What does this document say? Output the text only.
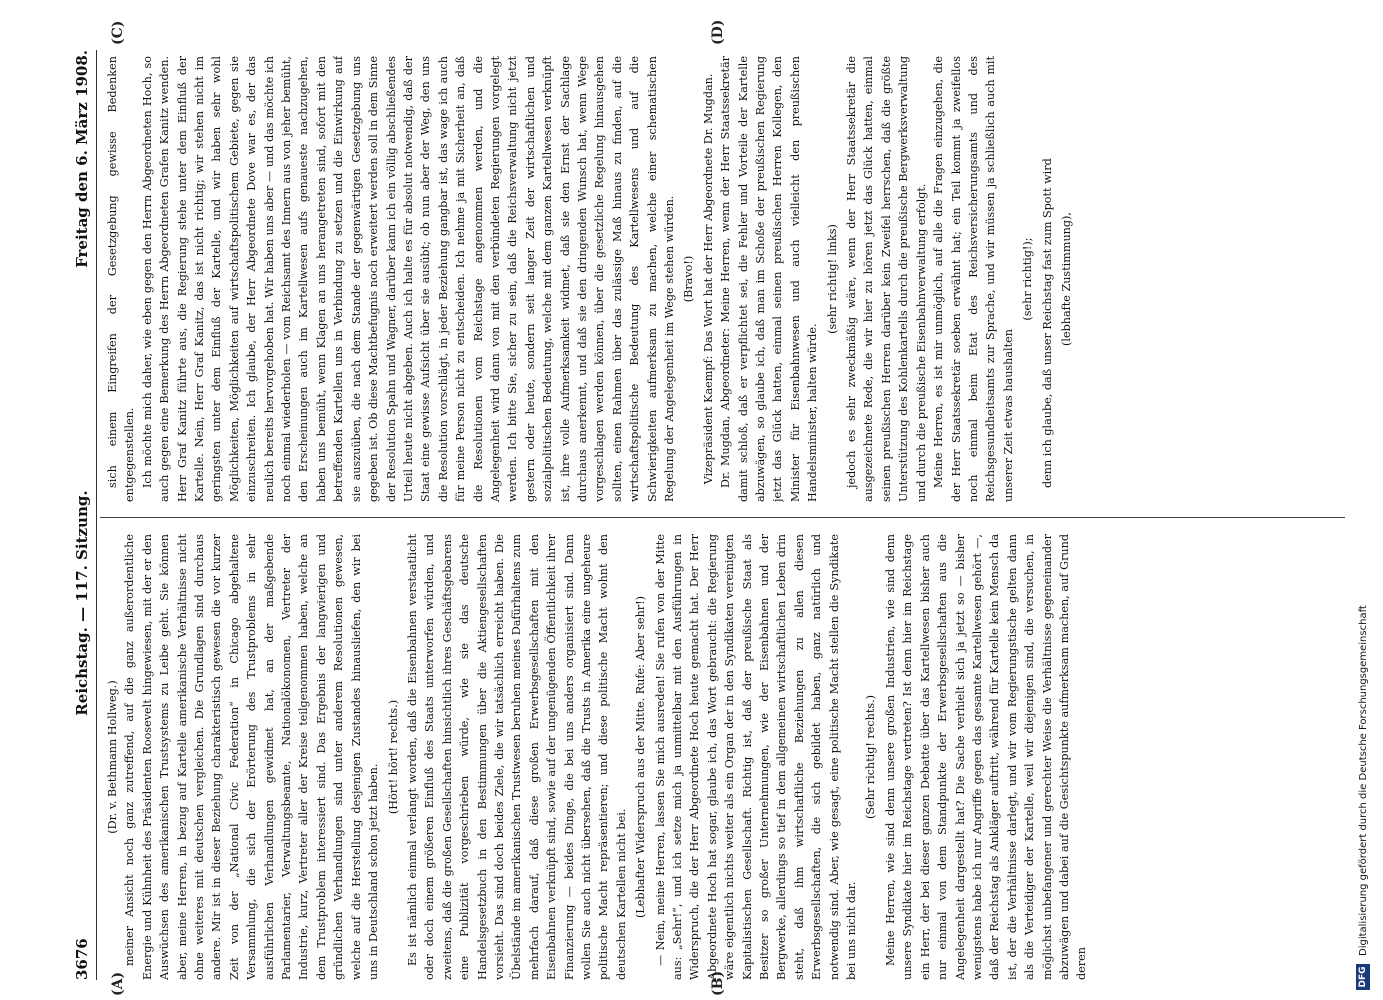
3676
Reichstag. — 117. Sitzung.
Freitag den 6. März 1908.
(A)	(B)
(C)	(D)

(Dr. v. Bethmann Hollweg.) meiner Ansicht noch ganz zutreffend, auf die ganz außerordentliche Energie und Kühnheit des Präsidenten Roosevelt hingewiesen, mit der er den Auswüchsen des amerikanischen Trustsystems zu Leibe geht. Sie können aber, meine Herren, in bezug auf Kartelle amerikanische Verhältnisse nicht ohne weiteres mit deutschen vergleichen. Die Grundlagen sind durchaus andere. Mir ist in dieser Beziehung charakteristisch gewesen die vor kurzer Zeit von der „National Civic Federation“ in Chicago abgehaltene Versammlung, die sich der Erörterung des Trustproblems in sehr ausführlichen Verhandlungen gewidmet hat, an der maßgebende Parlamentarier, Verwaltungsbeamte, Nationalökonomen, Vertreter der Industrie, kurz, Vertreter aller der Kreise teilgenommen haben, welche an dem Trustproblem interessiert sind. Das Ergebnis der langwierigen und gründlichen Verhandlungen sind unter anderem Resolutionen gewesen, welche auf die Herstellung desjenigen Zustandes hinausliefen, den wir bei uns in Deutschland schon jetzt haben.

(Hört! hört! rechts.) Es ist nämlich einmal verlangt worden, daß die Eisenbahnen verstaatlicht oder doch einem größeren Einfluß des Staats unterworfen würden, und zweitens, daß die großen Gesellschaften hinsichtlich ihres Geschäftsgebarens eine Publizität vorgeschrieben würde, wie sie das deutsche Handelsgesetzbuch in den Bestimmungen über die Aktiengesellschaften vorsieht. Das sind doch beides Ziele, die wir tatsächlich erreicht haben. Die Übelstände im amerikanischen Trustwesen beruhen meines Dafürhaltens zum mehrfach darauf, daß diese großen Erwerbsgesellschaften mit den Eisenbahnen verknüpft sind, sowie auf der ungenügenden Öffentlichkeit ihrer Finanzierung — beides Dinge, die bei uns anders organisiert sind. Dann wollen Sie auch nicht übersehen, daß die Trusts in Amerika eine ungeheure politische Macht repräsentieren; und diese politische Macht wohnt den deutschen Kartellen nicht bei. (Lebhafter Widerspruch aus der Mitte. Rufe: Aber sehr!) — Nein, meine Herren, lassen Sie mich ausreden! Sie rufen von der Mitte aus: „Sehr!“, und ich setze mich ja unmittelbar mit den Ausführungen in Widerspruch, die der Herr Abgeordnete Hoch heute gemacht hat. Der Herr Abgeordnete Hoch hat sogar, glaube ich, das Wort gebraucht: die Regierung wäre eigentlich nichts weiter als ein Organ der in den Syndikaten vereinigten Kapitalistischen Gesellschaft. Richtig ist, daß der preußische Staat als Besitzer so großer Unternehmungen, wie der Eisenbahnen und der Bergwerke, allerdings so tief in dem allgemeinen wirtschaftlichen Leben drin steht, daß ihm wirtschaftliche Beziehungen zu allen diesen Erwerbsgesellschaften, die sich gebildet haben, ganz natürlich und notwendig sind. Aber, wie gesagt, eine politische Macht stellen die Syndikate bei uns nicht dar.

(Sehr richtig! rechts.) Meine Herren, wie sind denn unsere großen Industrien, wie sind denn unsere Syndikate hier im Reichstage vertreten? Ist denn hier im Reichstage ein Herr, der bei dieser ganzen Debatte über das Kartellwesen bisher auch nur einmal von dem Standpunkte der Erwerbsgesellschaften aus die Angelegenheit dargestellt hat? Die Sache verhielt sich ja jetzt so — bisher wenigstens habe ich nur Angriffe gegen das gesamte Kartellwesen gehört —, daß der Reichstag als Ankläger auftritt, während für Kartelle kein Mensch da ist, der die Verhältnisse darlegt, und wir vom Regierungstische gelten dann als die Verteidiger der Kartelle, weil wir diejenigen sind, die versuchen, in möglichst unbefangener und gerechter Weise die Verhältnisse gegeneinander abzuwägen und dabei auf die Gesichtspunkte aufmerksam machen, auf Grund deren

sich einem Eingreifen der Gesetzgebung gewisse Bedenken entgegenstellen. Ich möchte mich daher, wie eben gegen den Herrn Abgeordneten Hoch, so auch gegen eine Bemerkung des Herrn Abgeordneten Grafen Kanitz wenden. Herr Graf Kanitz führte aus, die Regierung stehe unter dem Einfluß der Kartelle. Nein, Herr Graf Kanitz, das ist nicht richtig; wir stehen nicht im geringsten unter dem Einfluß der Kartelle, und wir haben sehr wohl Möglichkeiten, Möglichkeiten auf wirtschaftspolitischem Gebiete, gegen sie einzuschreiten. Ich glaube, der Herr Abgeordnete Dove war es, der das neulich bereits hervorgehoben hat. Wir haben uns aber — und das möchte ich noch einmal wiederholen — vom Reichsamt des Innern aus von jeher bemüht, den Erscheinungen auch im Kartellwesen aufs genaueste nachzugehen, haben uns bemüht, wenn Klagen an uns herangetreten sind, sofort mit den betreffenden Kartellen uns in Verbindung zu setzen und die Einwirkung auf sie auszuüben, die nach dem Stande der gegenwärtigen Gesetzgebung uns gegeben ist. Ob diese Machtbefugnis noch erweitert werden soll in dem Sinne der Resolution Spahn und Wagner, darüber kann ich ein völlig abschließendes Urteil heute nicht abgeben. Auch ich halte es für absolut notwendig, daß der Staat eine gewisse Aufsicht über sie ausübt; ob nun aber der Weg, den uns die Resolution vorschlägt, in jeder Beziehung gangbar ist, das wage ich auch für meine Person nicht zu entscheiden. Ich nehme ja mit Sicherheit an, daß die Resolutionen vom Reichstage angenommen werden, und die Angelegenheit wird dann von mit den verbündeten Regierungen vorgelegt werden. Ich bitte Sie, sicher zu sein, daß die Reichsverwaltung nicht jetzt gestern oder heute, sondern seit langer Zeit der wirtschaftlichen und sozialpolitischen Bedeutung, welche mit dem ganzen Kartellwesen verknüpft ist, ihre volle Aufmerksamkeit widmet, daß sie den Ernst der Sachlage durchaus anerkennt, und daß sie den dringenden Wunsch hat, wenn Wege vorgeschlagen werden können, über die gesetzliche Regelung hinausgehen sollten, einen Rahmen über das zulässige Maß hinaus zu finden, auf die wirtschaftspolitische Bedeutung des Kartellwesens und auf die Schwierigkeiten aufmerksam zu machen, welche einer schematischen Regelung der Angelegenheit im Wege stehen würden. (Bravo!) Vizepräsident Kaempf: Das Wort hat der Herr Abgeordnete Dr. Mugdan. Dr. Mugdan, Abgeordneter: Meine Herren, wenn der Herr Staatssekretär damit schloß, daß er verpflichtet sei, die Fehler und Vorteile der Kartelle abzuwägen, so glaube ich, daß man im Schoße der preußischen Regierung jetzt das Glück hatten, einmal seinen preußischen Herren Kollegen, den Minister für Eisenbahnwesen und auch vielleicht den preußischen Handelsminister, halten würde.

(sehr richtig! links) jedoch es sehr zweckmäßig wäre, wenn der Herr Staatssekretär die ausgezeichnete Rede, die wir hier zu hören jetzt das Glück hatten, einmal seinen preußischen Herren darüber kein Zweifel herrschen, daß die größte Unterstützung des Kohlenkartells durch die preußische Bergwerksverwaltung und durch die preußische Eisenbahnverwaltung erfolgt. Meine Herren, es ist mir unmöglich, auf alle die Fragen einzugehen, die der Herr Staatssekretär soeben erwähnt hat; ein Teil kommt ja zweifellos noch einmal beim Etat des Reichsversicherungsamts und des Reichsgesundheitsamts zur Sprache, und wir müssen ja schließlich auch mit unserer Zeit etwas haushalten

(sehr richtig!); denn ich glaube, daß unser Reichstag fast zum Spott wird (lebhafte Zustimmung),

DFG
Digitalisierung gefördert durch die Deutsche Forschungsgemeinschaft
